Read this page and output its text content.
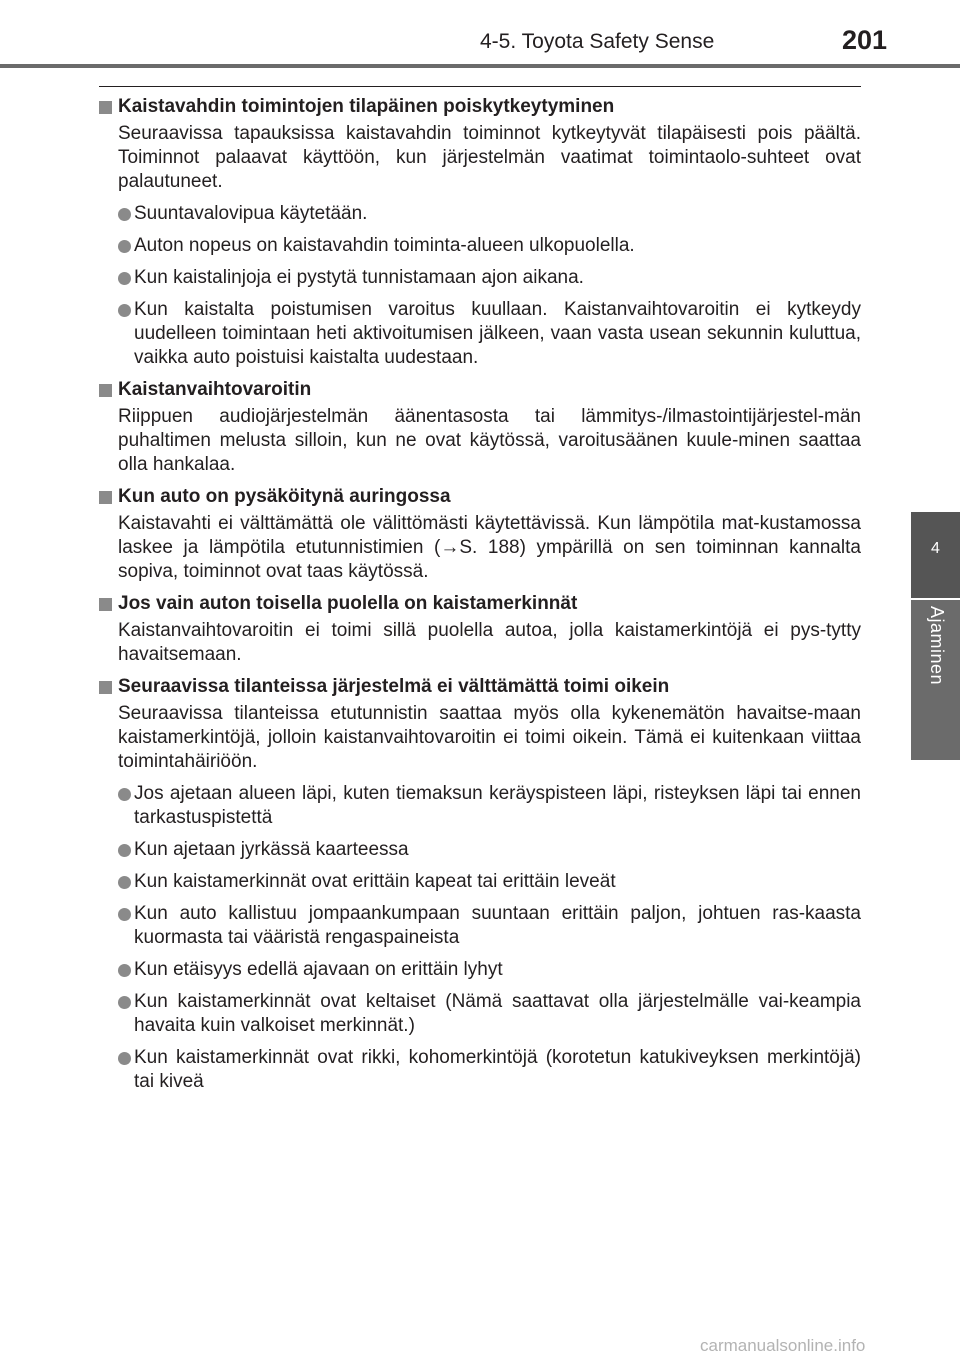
4-5. Toyota Safety Sense	201
4
Ajaminen
Kaistavahdin toimintojen tilapäinen poiskytkeytyminen
Seuraavissa tapauksissa kaistavahdin toiminnot kytkeytyvät tilapäisesti pois päältä. Toiminnot palaavat käyttöön, kun järjestelmän vaatimat toimintaolo-suhteet ovat palautuneet.
Suuntavalovipua käytetään.
Auton nopeus on kaistavahdin toiminta-alueen ulkopuolella.
Kun kaistalinjoja ei pystytä tunnistamaan ajon aikana.
Kun kaistalta poistumisen varoitus kuullaan. Kaistanvaihtovaroitin ei kytkeydy uudelleen toimintaan heti aktivoitumisen jälkeen, vaan vasta usean sekunnin kuluttua, vaikka auto poistuisi kaistalta uudestaan.
Kaistanvaihtovaroitin
Riippuen audiojärjestelmän äänentasosta tai lämmitys-/ilmastointijärjestel-män puhaltimen melusta silloin, kun ne ovat käytössä, varoitusäänen kuule-minen saattaa olla hankalaa.
Kun auto on pysäköitynä auringossa
Kaistavahti ei välttämättä ole välittömästi käytettävissä. Kun lämpötila mat-kustamossa laskee ja lämpötila etutunnistimien (→S. 188) ympärillä on sen toiminnan kannalta sopiva, toiminnot ovat taas käytössä.
Jos vain auton toisella puolella on kaistamerkinnät
Kaistanvaihtovaroitin ei toimi sillä puolella autoa, jolla kaistamerkintöjä ei pys-tytty havaitsemaan.
Seuraavissa tilanteissa järjestelmä ei välttämättä toimi oikein
Seuraavissa tilanteissa etutunnistin saattaa myös olla kykenemätön havaitse-maan kaistamerkintöjä, jolloin kaistanvaihtovaroitin ei toimi oikein. Tämä ei kuitenkaan viittaa toimintahäiriöön.
Jos ajetaan alueen läpi, kuten tiemaksun keräyspisteen läpi, risteyksen läpi tai ennen tarkastuspistettä
Kun ajetaan jyrkässä kaarteessa
Kun kaistamerkinnät ovat erittäin kapeat tai erittäin leveät
Kun auto kallistuu jompaankumpaan suuntaan erittäin paljon, johtuen ras-kaasta kuormasta tai vääristä rengaspaineista
Kun etäisyys edellä ajavaan on erittäin lyhyt
Kun kaistamerkinnät ovat keltaiset (Nämä saattavat olla järjestelmälle vai-keampia havaita kuin valkoiset merkinnät.)
Kun kaistamerkinnät ovat rikki, kohomerkintöjä (korotetun katukiveyksen merkintöjä) tai kiveä
carmanualsonline.info
